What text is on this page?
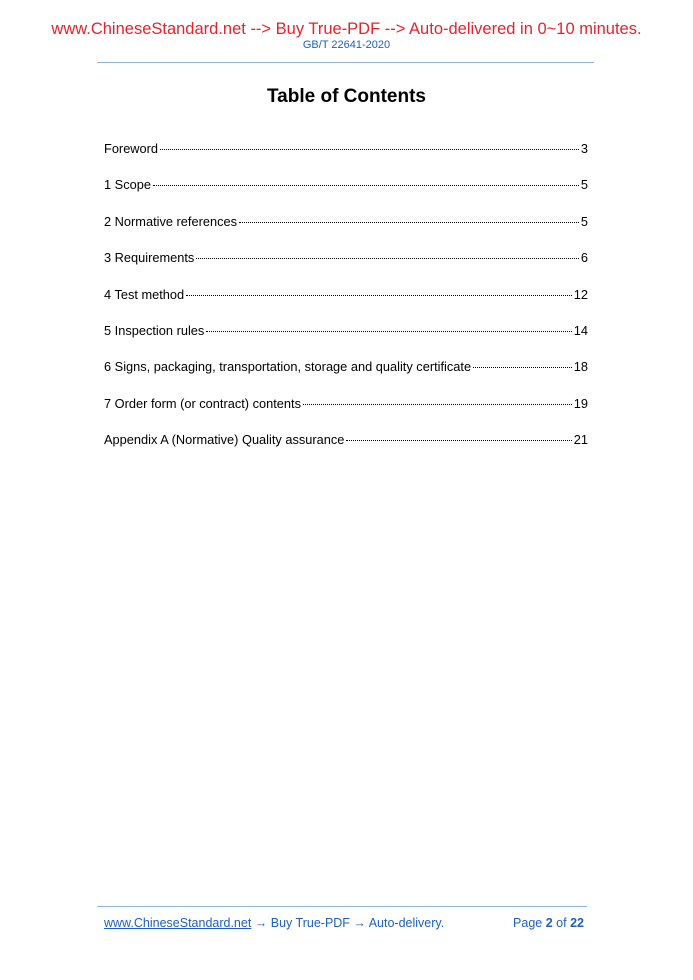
www.ChineseStandard.net --> Buy True-PDF --> Auto-delivered in 0~10 minutes.
GB/T 22641-2020
Table of Contents
Foreword	3
1 Scope	5
2 Normative references	5
3 Requirements	6
4 Test method	12
5 Inspection rules	14
6 Signs, packaging, transportation, storage and quality certificate	18
7 Order form (or contract) contents	19
Appendix A (Normative) Quality assurance	21
www.ChineseStandard.net → Buy True-PDF → Auto-delivery.	Page 2 of 22
